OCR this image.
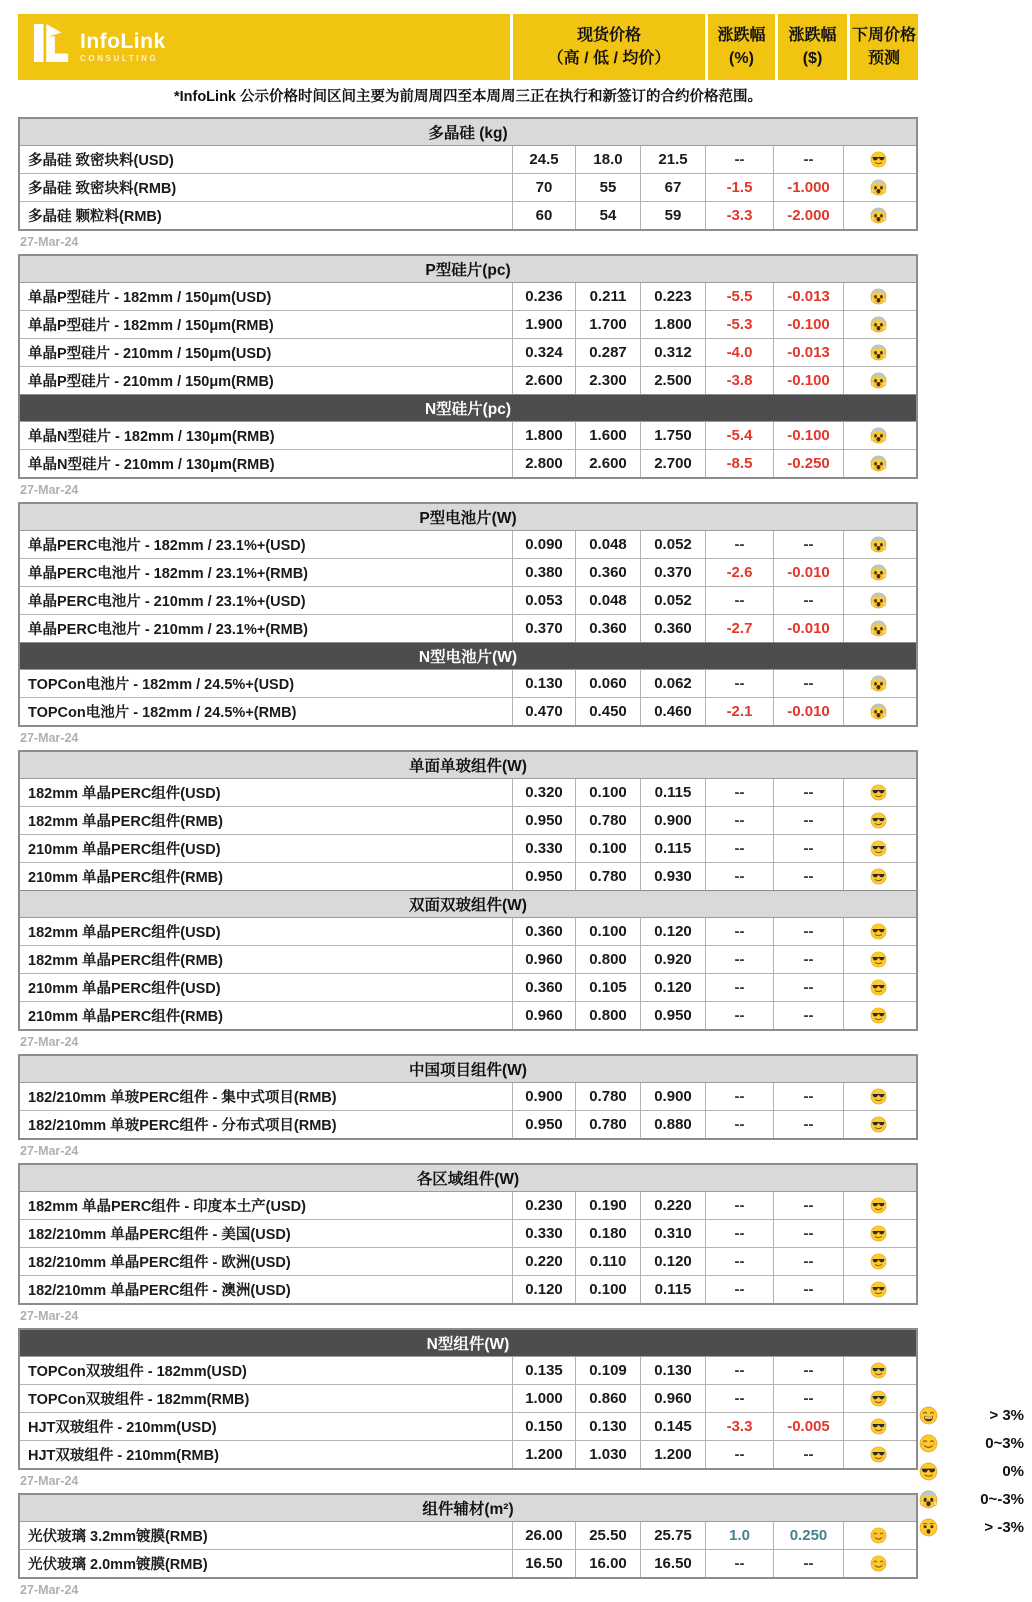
InfoLink
CONSULTING
现货价格
（高 / 低 / 均价）
涨跌幅
(%)
涨跌幅
($)
下周价格
预测
*InfoLink 公示价格时间区间主要为前周周四至本周周三正在执行和新签订的合约价格范围。
多晶硅 (kg)
多晶硅 致密块料(USD)	24.5	18.0	21.5	--	--
多晶硅 致密块料(RMB)	70	55	67	-1.5	-1.000
多晶硅 颗粒料(RMB)	60	54	59	-3.3	-2.000
27-Mar-24
P型硅片(pc)
单晶P型硅片 - 182mm / 150μm(USD)	0.236	0.211	0.223	-5.5	-0.013
单晶P型硅片 - 182mm / 150μm(RMB)	1.900	1.700	1.800	-5.3	-0.100
单晶P型硅片 - 210mm / 150μm(USD)	0.324	0.287	0.312	-4.0	-0.013
单晶P型硅片 - 210mm / 150μm(RMB)	2.600	2.300	2.500	-3.8	-0.100
N型硅片(pc)
单晶N型硅片 - 182mm / 130μm(RMB)	1.800	1.600	1.750	-5.4	-0.100
单晶N型硅片 - 210mm / 130μm(RMB)	2.800	2.600	2.700	-8.5	-0.250
27-Mar-24
P型电池片(W)
单晶PERC电池片 - 182mm / 23.1%+(USD)	0.090	0.048	0.052	--	--
单晶PERC电池片 - 182mm / 23.1%+(RMB)	0.380	0.360	0.370	-2.6	-0.010
单晶PERC电池片 - 210mm / 23.1%+(USD)	0.053	0.048	0.052	--	--
单晶PERC电池片 - 210mm / 23.1%+(RMB)	0.370	0.360	0.360	-2.7	-0.010
N型电池片(W)
TOPCon电池片 - 182mm / 24.5%+(USD)	0.130	0.060	0.062	--	--
TOPCon电池片 - 182mm / 24.5%+(RMB)	0.470	0.450	0.460	-2.1	-0.010
27-Mar-24
单面单玻组件(W)
182mm 单晶PERC组件(USD)	0.320	0.100	0.115	--	--
182mm 单晶PERC组件(RMB)	0.950	0.780	0.900	--	--
210mm 单晶PERC组件(USD)	0.330	0.100	0.115	--	--
210mm 单晶PERC组件(RMB)	0.950	0.780	0.930	--	--
双面双玻组件(W)
182mm 单晶PERC组件(USD)	0.360	0.100	0.120	--	--
182mm 单晶PERC组件(RMB)	0.960	0.800	0.920	--	--
210mm 单晶PERC组件(USD)	0.360	0.105	0.120	--	--
210mm 单晶PERC组件(RMB)	0.960	0.800	0.950	--	--
27-Mar-24
中国项目组件(W)
182/210mm 单玻PERC组件 - 集中式项目(RMB)	0.900	0.780	0.900	--	--
182/210mm 单玻PERC组件 - 分布式项目(RMB)	0.950	0.780	0.880	--	--
27-Mar-24
各区域组件(W)
182mm 单晶PERC组件 - 印度本土产(USD)	0.230	0.190	0.220	--	--
182/210mm 单晶PERC组件 - 美国(USD)	0.330	0.180	0.310	--	--
182/210mm 单晶PERC组件 - 欧洲(USD)	0.220	0.110	0.120	--	--
182/210mm 单晶PERC组件 - 澳洲(USD)	0.120	0.100	0.115	--	--
27-Mar-24
N型组件(W)
TOPCon双玻组件 - 182mm(USD)	0.135	0.109	0.130	--	--
TOPCon双玻组件 - 182mm(RMB)	1.000	0.860	0.960	--	--
HJT双玻组件 - 210mm(USD)	0.150	0.130	0.145	-3.3	-0.005
HJT双玻组件 - 210mm(RMB)	1.200	1.030	1.200	--	--
27-Mar-24
组件辅材(m²)
光伏玻璃 3.2mm镀膜(RMB)	26.00	25.50	25.75	1.0	0.250
光伏玻璃 2.0mm镀膜(RMB)	16.50	16.00	16.50	--	--
27-Mar-24
> 3%
0~3%
0%
0~-3%
> -3%
